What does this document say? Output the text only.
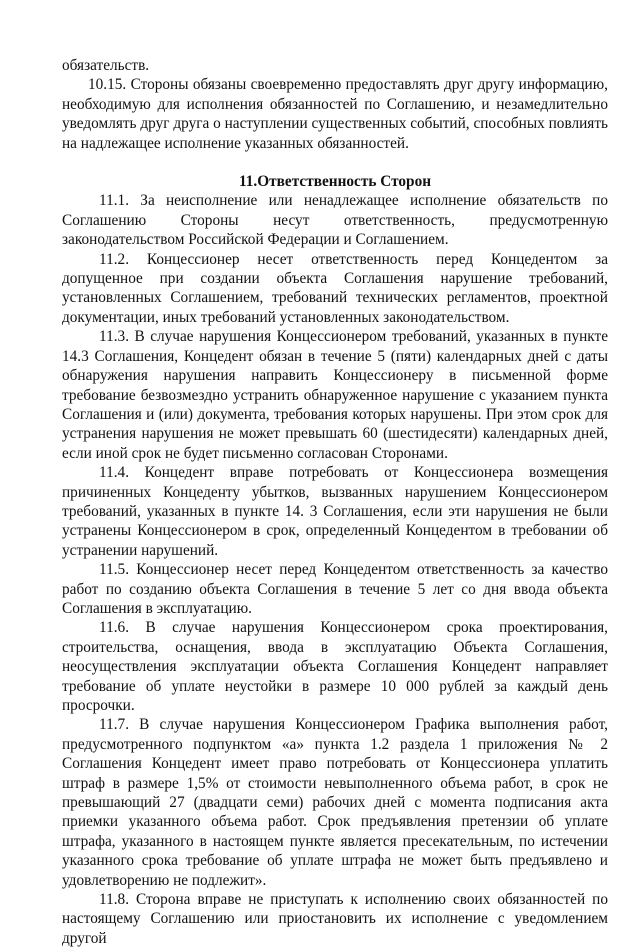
обязательств.

10.15. Стороны обязаны своевременно предоставлять друг другу информацию, необходимую для исполнения обязанностей по Соглашению, и незамедлительно уведомлять друг друга о наступлении существенных событий, способных повлиять на надлежащее исполнение указанных обязанностей.

11.Ответственность Сторон

11.1. За неисполнение или ненадлежащее исполнение обязательств по Соглашению Стороны несут ответственность, предусмотренную законодательством Российской Федерации и Соглашением.

11.2. Концессионер несет ответственность перед Концедентом за допущенное при создании объекта Соглашения нарушение требований, установленных Соглашением, требований технических регламентов, проектной документации, иных требований установленных законодательством.

11.3. В случае нарушения Концессионером требований, указанных в пункте 14.3 Соглашения, Концедент обязан в течение 5 (пяти) календарных дней с даты обнаружения нарушения направить Концессионеру в письменной форме требование безвозмездно устранить обнаруженное нарушение с указанием пункта Соглашения и (или) документа, требования которых нарушены. При этом срок для устранения нарушения не может превышать 60 (шестидесяти) календарных дней, если иной срок не будет письменно согласован Сторонами.

11.4. Концедент вправе потребовать от Концессионера возмещения причиненных Концеденту убытков, вызванных нарушением Концессионером требований, указанных в пункте 14. 3 Соглашения, если эти нарушения не были устранены Концессионером в срок, определенный Концедентом в требовании об устранении нарушений.

11.5. Концессионер несет перед Концедентом ответственность за качество работ по созданию объекта Соглашения в течение 5 лет со дня ввода объекта Соглашения в эксплуатацию.

11.6. В случае нарушения Концессионером срока проектирования, строительства, оснащения, ввода в эксплуатацию Объекта Соглашения, неосуществления эксплуатации объекта Соглашения Концедент направляет требование об уплате неустойки в размере 10 000 рублей за каждый день просрочки.

11.7. В случае нарушения Концессионером Графика выполнения работ, предусмотренного подпунктом «а» пункта 1.2 раздела 1 приложения № 2 Соглашения Концедент имеет право потребовать от Концессионера уплатить штраф в размере 1,5% от стоимости невыполненного объема работ, в срок не превышающий 27 (двадцати семи) рабочих дней с момента подписания акта приемки указанного объема работ. Срок предъявления претензии об уплате штрафа, указанного в настоящем пункте является пресекательным, по истечении указанного срока требование об уплате штрафа не может быть предъявлено и удовлетворению не подлежит».

11.8. Сторона вправе не приступать к исполнению своих обязанностей по настоящему Соглашению или приостановить их исполнение с уведомлением другой
